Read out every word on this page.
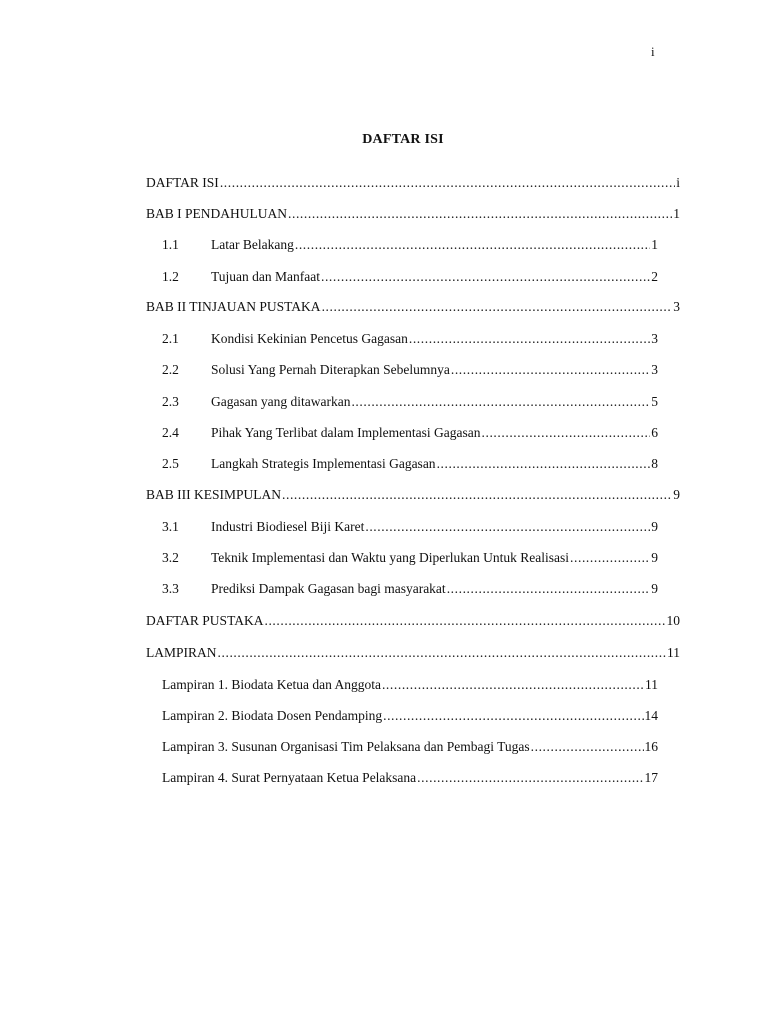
i
DAFTAR ISI
DAFTAR ISI .....	i
BAB I PENDAHULUAN .....	1
1.1	Latar Belakang .....	1
1.2	Tujuan dan Manfaat .....	2
BAB II TINJAUAN PUSTAKA .....	3
2.1	Kondisi Kekinian Pencetus Gagasan .....	3
2.2	Solusi Yang Pernah Diterapkan Sebelumnya .....	3
2.3	Gagasan yang ditawarkan .....	5
2.4	Pihak Yang Terlibat dalam Implementasi Gagasan .....	6
2.5	Langkah Strategis Implementasi Gagasan .....	8
BAB III KESIMPULAN .....	9
3.1	Industri Biodiesel Biji Karet .....	9
3.2	Teknik Implementasi dan Waktu yang Diperlukan Untuk Realisasi .....	9
3.3	Prediksi Dampak Gagasan bagi masyarakat .....	9
DAFTAR PUSTAKA .....	10
LAMPIRAN .....	11
Lampiran 1. Biodata Ketua dan Anggota .....	11
Lampiran 2. Biodata Dosen Pendamping .....	14
Lampiran 3. Susunan Organisasi Tim Pelaksana dan Pembagi Tugas .....	16
Lampiran 4. Surat Pernyataan Ketua Pelaksana .....	17
